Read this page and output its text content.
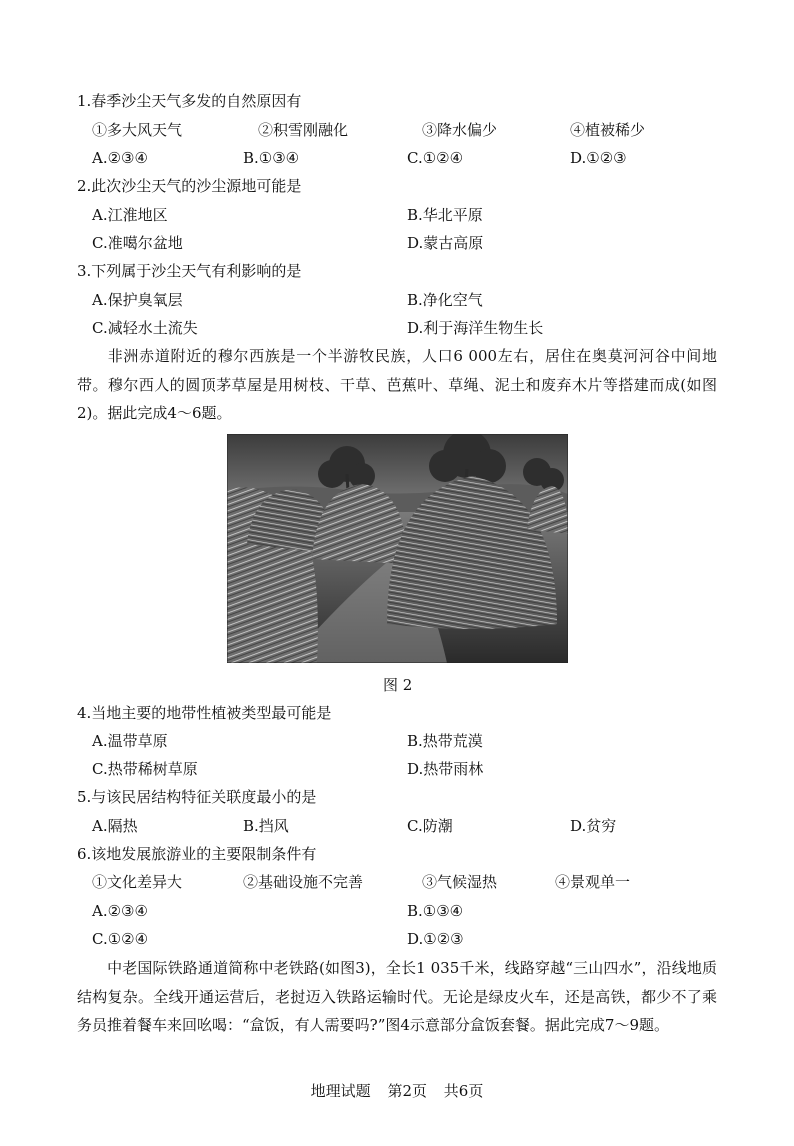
1.春季沙尘天气多发的自然原因有
①多大风天气	②积雪刚融化	③降水偏少	④植被稀少
A.②③④	B.①③④	C.①②④	D.①②③
2.此次沙尘天气的沙尘源地可能是
A.江淮地区	B.华北平原
C.准噶尔盆地	D.蒙古高原
3.下列属于沙尘天气有利影响的是
A.保护臭氧层	B.净化空气
C.减轻水土流失	D.利于海洋生物生长
非洲赤道附近的穆尔西族是一个半游牧民族，人口6 000左右，居住在奥莫河河谷中间地带。穆尔西人的圆顶茅草屋是用树枝、干草、芭蕉叶、草绳、泥土和废弃木片等搭建而成(如图2)。据此完成4～6题。
图 2
4.当地主要的地带性植被类型最可能是
A.温带草原	B.热带荒漠
C.热带稀树草原	D.热带雨林
5.与该民居结构特征关联度最小的是
A.隔热	B.挡风	C.防潮	D.贫穷
6.该地发展旅游业的主要限制条件有
①文化差异大	②基础设施不完善	③气候湿热	④景观单一
A.②③④	B.①③④
C.①②④	D.①②③
中老国际铁路通道简称中老铁路(如图3)，全长1 035千米，线路穿越“三山四水”，沿线地质结构复杂。全线开通运营后，老挝迈入铁路运输时代。无论是绿皮火车，还是高铁，都少不了乘务员推着餐车来回吆喝：“盒饭，有人需要吗?”图4示意部分盒饭套餐。据此完成7～9题。
地理试题 第2页 共6页
